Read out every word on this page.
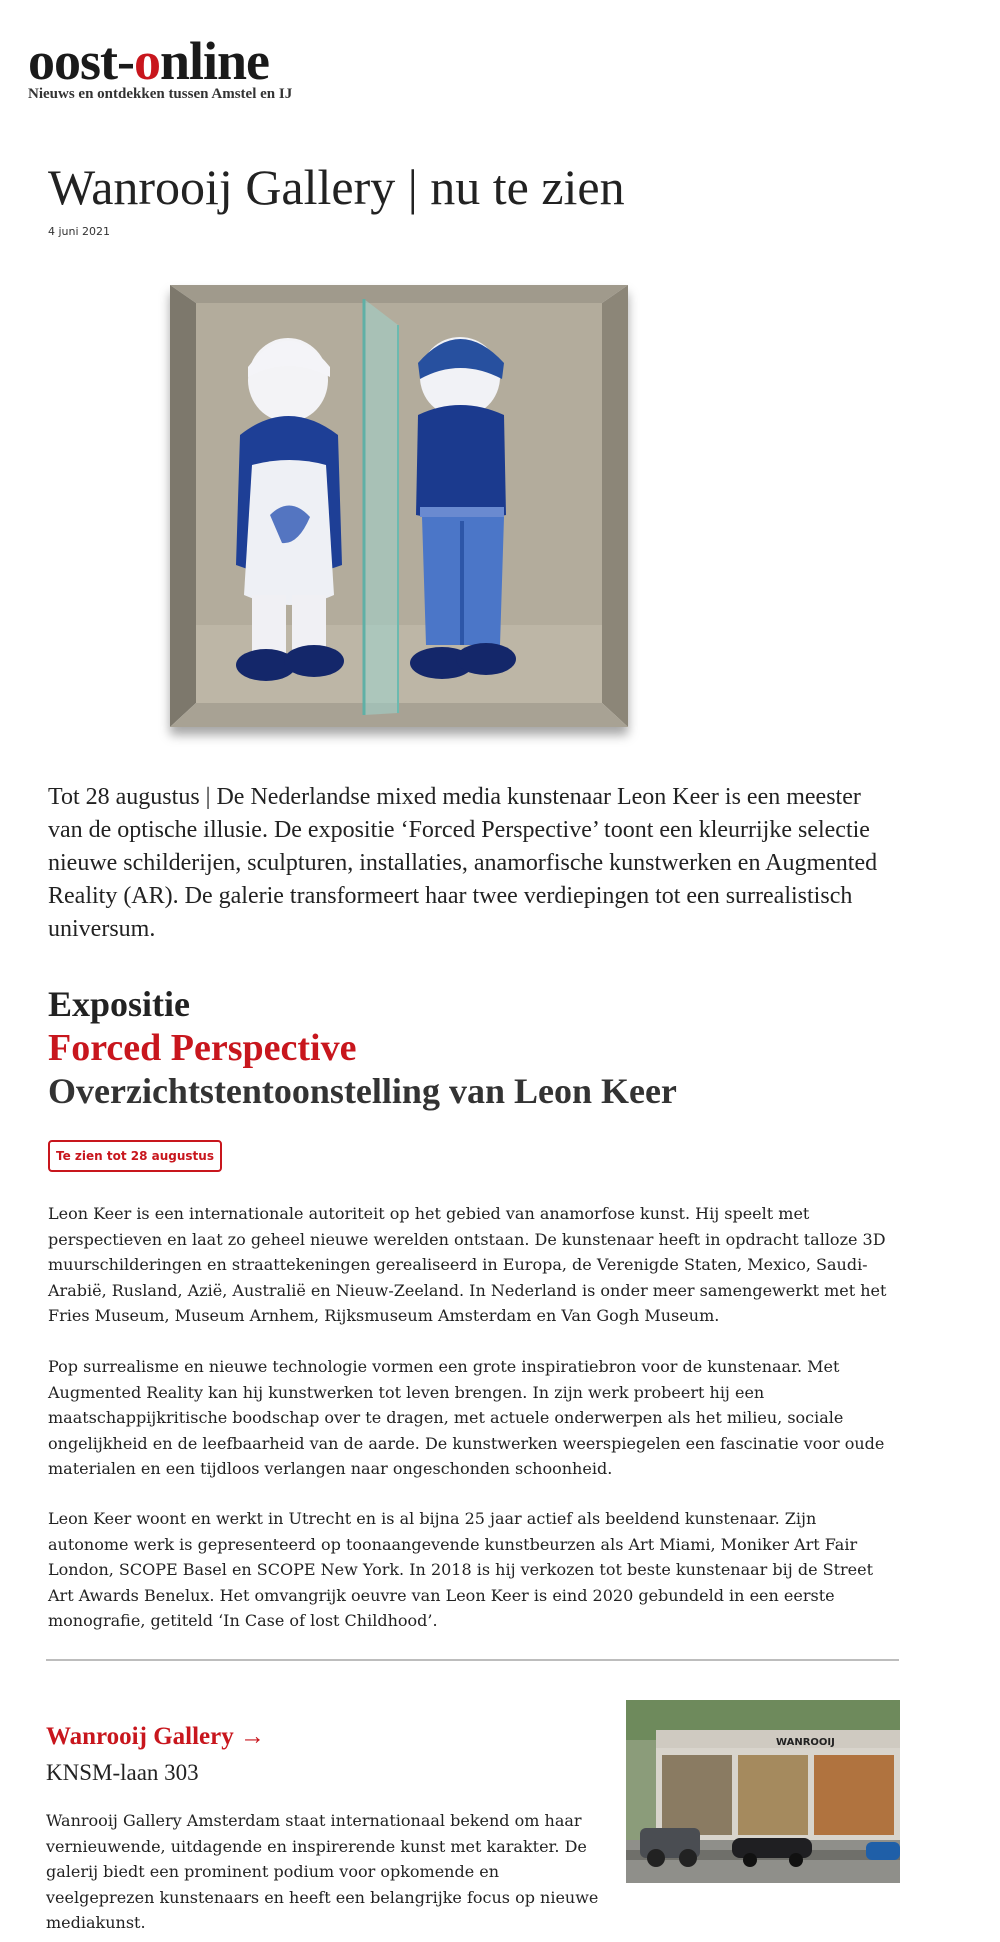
oost-online
Nieuws en ontdekken tussen Amstel en IJ
Wanrooij Gallery | nu te zien
4 juni 2021

Tot 28 augustus | De Nederlandse mixed media kunstenaar Leon Keer is een meester van de optische illusie. De expositie ‘Forced Perspective’ toont een kleurrijke selectie nieuwe schilderijen, sculpturen, installaties, anamorfische kunstwerken en Augmented Reality (AR). De galerie transformeert haar twee verdiepingen tot een surrealistisch universum.

Expositie
Forced Perspective
Overzichtstentoonstelling van Leon Keer
Te zien tot 28 augustus

Leon Keer is een internationale autoriteit op het gebied van anamorfose kunst. Hij speelt met perspectieven en laat zo geheel nieuwe werelden ontstaan. De kunstenaar heeft in opdracht talloze 3D muurschilderingen en straattekeningen gerealiseerd in Europa, de Verenigde Staten, Mexico, Saudi-Arabië, Rusland, Azië, Australië en Nieuw-Zeeland. In Nederland is onder meer samengewerkt met het Fries Museum, Museum Arnhem, Rijksmuseum Amsterdam en Van Gogh Museum.

Pop surrealisme en nieuwe technologie vormen een grote inspiratiebron voor de kunstenaar. Met Augmented Reality kan hij kunstwerken tot leven brengen. In zijn werk probeert hij een maatschappijkritische boodschap over te dragen, met actuele onderwerpen als het milieu, sociale ongelijkheid en de leefbaarheid van de aarde. De kunstwerken weerspiegelen een fascinatie voor oude materialen en een tijdloos verlangen naar ongeschonden schoonheid.

Leon Keer woont en werkt in Utrecht en is al bijna 25 jaar actief als beeldend kunstenaar. Zijn autonome werk is gepresenteerd op toonaangevende kunstbeurzen als Art Miami, Moniker Art Fair London, SCOPE Basel en SCOPE New York. In 2018 is hij verkozen tot beste kunstenaar bij de Street Art Awards Benelux. Het omvangrijk oeuvre van Leon Keer is eind 2020 gebundeld in een eerste monografie, getiteld ‘In Case of lost Childhood’.

Wanrooij Gallery →
KNSM-laan 303

Wanrooij Gallery Amsterdam staat internationaal bekend om haar vernieuwende, uitdagende en inspirerende kunst met karakter. De galerij biedt een prominent podium voor opkomende en veelgeprezen kunstenaars en heeft een belangrijke focus op nieuwe mediakunst.

WANROOIJ
